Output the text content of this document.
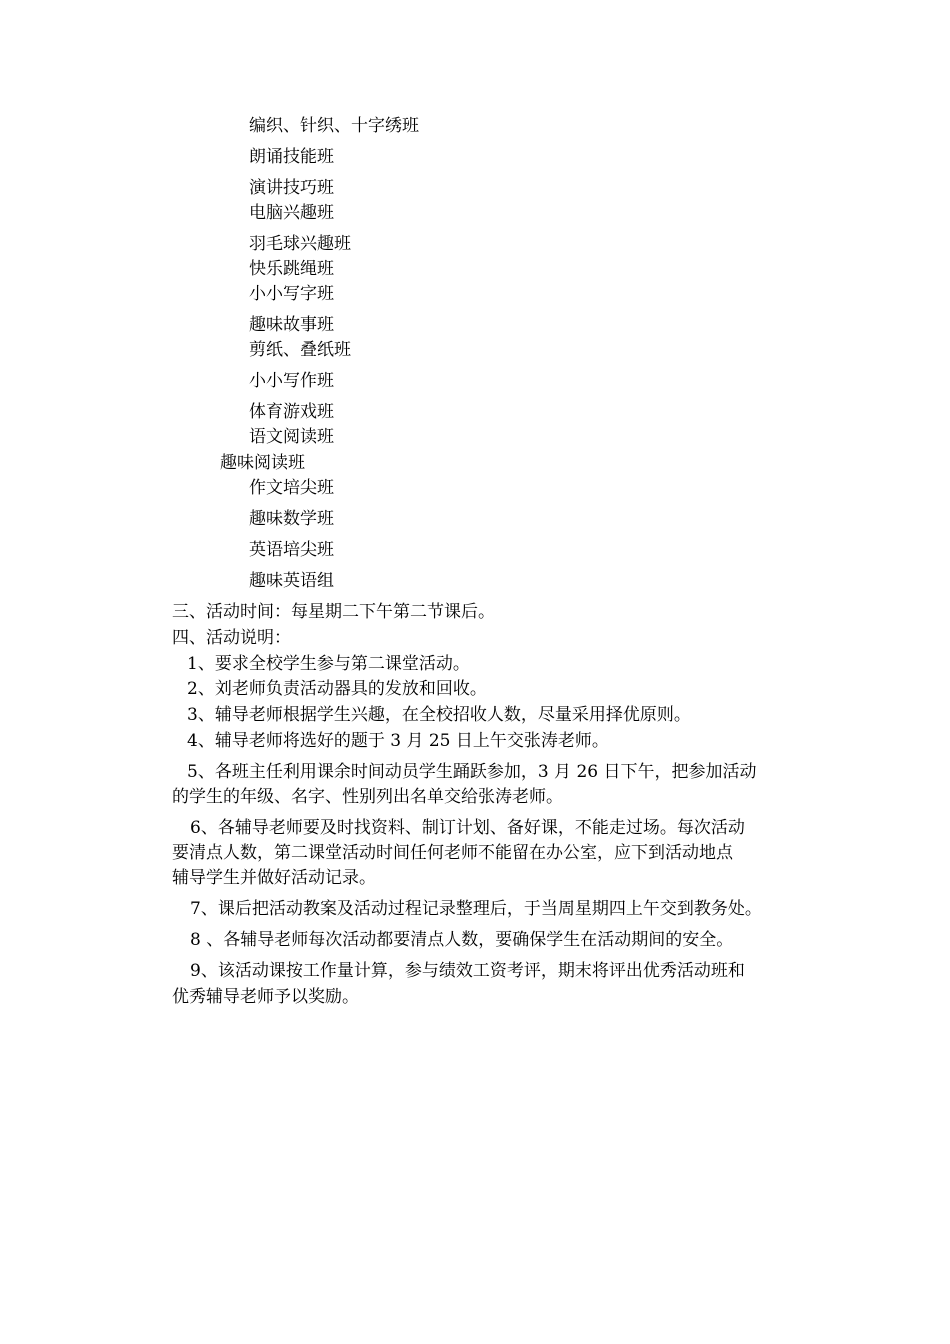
编织、针织、十字绣班

朗诵技能班

演讲技巧班

电脑兴趣班

羽毛球兴趣班

快乐跳绳班

小小写字班

趣味故事班

剪纸、叠纸班

小小写作班

体育游戏班

语文阅读班

趣味阅读班

作文培尖班

趣味数学班

英语培尖班

趣味英语组

三、活动时间：每星期二下午第二节课后。

四、活动说明：

1、要求全校学生参与第二课堂活动。

2、刘老师负责活动器具的发放和回收。

3、辅导老师根据学生兴趣，在全校招收人数，尽量采用择优原则。

4、辅导老师将选好的题于 3 月 25 日上午交张涛老师。

5、各班主任利用课余时间动员学生踊跃参加，3 月 26 日下午，把参加活动

的学生的年级、名字、性别列出名单交给张涛老师。

6、各辅导老师要及时找资料、制订计划、备好课，不能走过场。每次活动

要清点人数，第二课堂活动时间任何老师不能留在办公室，应下到活动地点

辅导学生并做好活动记录。

7、课后把活动教案及活动过程记录整理后，于当周星期四上午交到教务处。

8 、各辅导老师每次活动都要清点人数，要确保学生在活动期间的安全。

9、该活动课按工作量计算，参与绩效工资考评，期末将评出优秀活动班和

优秀辅导老师予以奖励。
